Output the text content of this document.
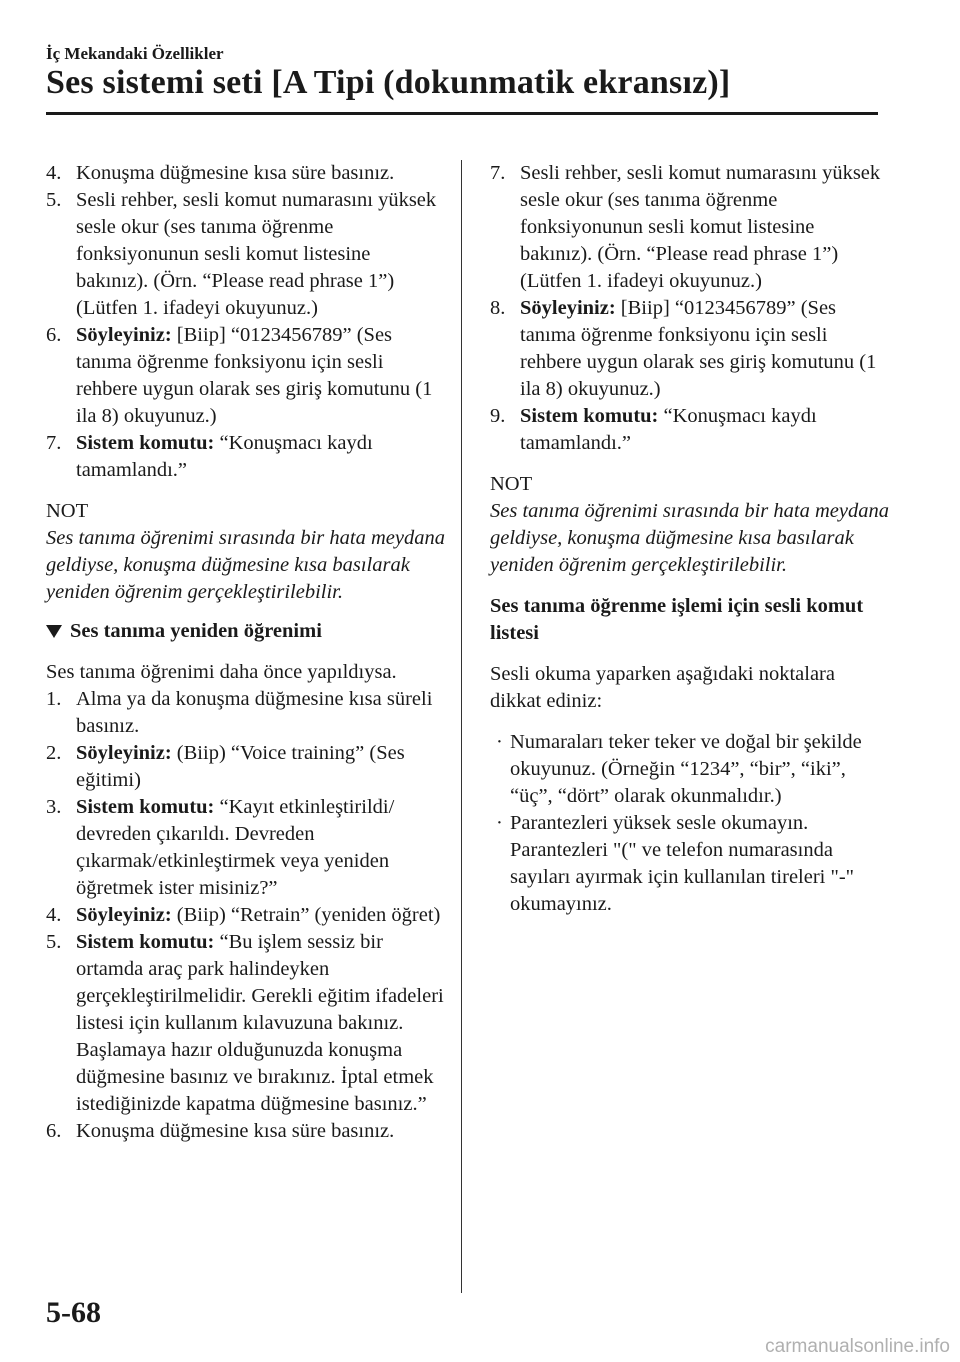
İç Mekandaki Özellikler
Ses sistemi seti [A Tipi (dokunmatik ekransız)]
4. Konuşma düğmesine kısa süre basınız.
5. Sesli rehber, sesli komut numarasını yüksek sesle okur (ses tanıma öğrenme fonksiyonunun sesli komut listesine bakınız). (Örn. “Please read phrase 1”) (Lütfen 1. ifadeyi okuyunuz.)
6. Söyleyiniz: [Biip] “0123456789” (Ses tanıma öğrenme fonksiyonu için sesli rehbere uygun olarak ses giriş komutunu (1 ila 8) okuyunuz.)
7. Sistem komutu: “Konuşmacı kaydı tamamlandı.”
NOT
Ses tanıma öğrenimi sırasında bir hata meydana geldiyse, konuşma düğmesine kısa basılarak yeniden öğrenim gerçekleştirilebilir.
Ses tanıma yeniden öğrenimi
Ses tanıma öğrenimi daha önce yapıldıysa.
1. Alma ya da konuşma düğmesine kısa süreli basınız.
2. Söyleyiniz: (Biip) “Voice training” (Ses eğitimi)
3. Sistem komutu: “Kayıt etkinleştirildi/ devreden çıkarıldı. Devreden çıkarmak/etkinleştirmek veya yeniden öğretmek ister misiniz?”
4. Söyleyiniz: (Biip) “Retrain” (yeniden öğret)
5. Sistem komutu: “Bu işlem sessiz bir ortamda araç park halindeyken gerçekleştirilmelidir. Gerekli eğitim ifadeleri listesi için kullanım kılavuzuna bakınız. Başlamaya hazır olduğunuzda konuşma düğmesine basınız ve bırakınız. İptal etmek istediğinizde kapatma düğmesine basınız.”
6. Konuşma düğmesine kısa süre basınız.
7. Sesli rehber, sesli komut numarasını yüksek sesle okur (ses tanıma öğrenme fonksiyonunun sesli komut listesine bakınız). (Örn. “Please read phrase 1”) (Lütfen 1. ifadeyi okuyunuz.)
8. Söyleyiniz: [Biip] “0123456789” (Ses tanıma öğrenme fonksiyonu için sesli rehbere uygun olarak ses giriş komutunu (1 ila 8) okuyunuz.)
9. Sistem komutu: “Konuşmacı kaydı tamamlandı.”
NOT
Ses tanıma öğrenimi sırasında bir hata meydana geldiyse, konuşma düğmesine kısa basılarak yeniden öğrenim gerçekleştirilebilir.
Ses tanıma öğrenme işlemi için sesli komut listesi
Sesli okuma yaparken aşağıdaki noktalara dikkat ediniz:
· Numaraları teker teker ve doğal bir şekilde okuyunuz. (Örneğin “1234”, “bir”, “iki”, “üç”, “dört” olarak okunmalıdır.)
· Parantezleri yüksek sesle okumayın. Parantezleri "(" ve telefon numarasında sayıları ayırmak için kullanılan tireleri "-" okumayınız.
5-68
carmanualsonline.info
